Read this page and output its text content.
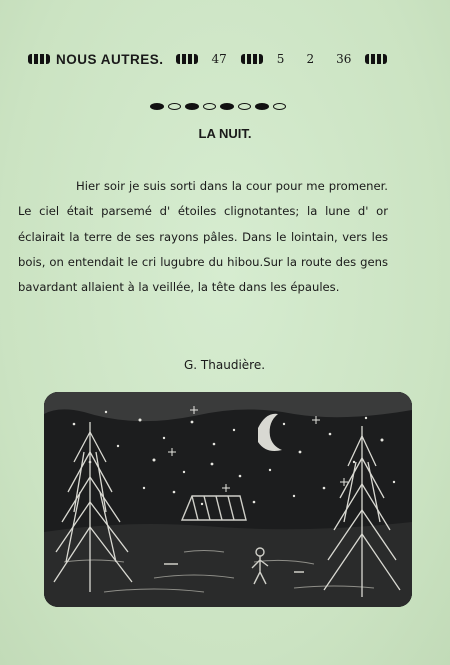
NOUS AUTRES.	47	5 2 36
LA NUIT.

Hier soir je suis sorti dans la cour pour me promener. Le ciel était parsemé d' étoiles clignotantes; la lune d' or éclairait la terre de ses rayons pâles. Dans le lointain, vers les bois, on entendait le cri lugubre du hibou.Sur la route des gens bavardant allaient à la veillée, la tête dans les épaules.

G. Thaudière.
